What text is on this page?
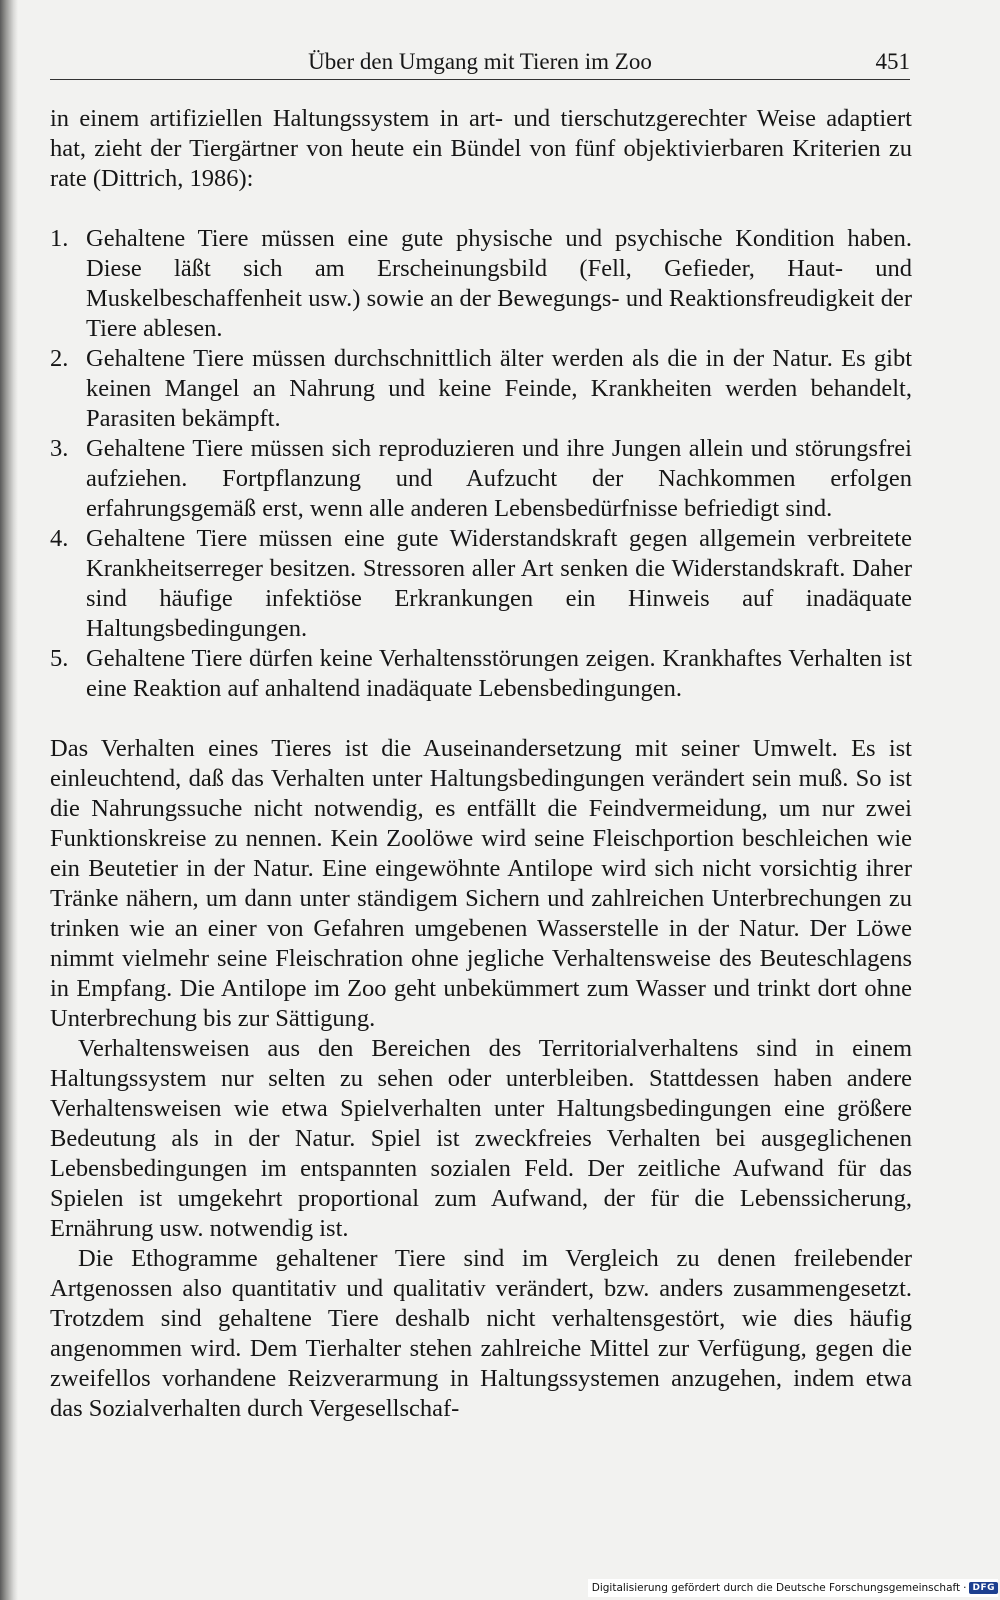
Über den Umgang mit Tieren im Zoo	451

in einem artifiziellen Haltungssystem in art- und tierschutzgerechter Weise adaptiert hat, zieht der Tiergärtner von heute ein Bündel von fünf objektivierbaren Kriterien zu rate (Dittrich, 1986):

1. Gehaltene Tiere müssen eine gute physische und psychische Kondition haben. Diese läßt sich am Erscheinungsbild (Fell, Gefieder, Haut- und Muskelbeschaffenheit usw.) sowie an der Bewegungs- und Reaktionsfreudigkeit der Tiere ablesen.
2. Gehaltene Tiere müssen durchschnittlich älter werden als die in der Natur. Es gibt keinen Mangel an Nahrung und keine Feinde, Krankheiten werden behandelt, Parasiten bekämpft.
3. Gehaltene Tiere müssen sich reproduzieren und ihre Jungen allein und störungsfrei aufziehen. Fortpflanzung und Aufzucht der Nachkommen erfolgen erfahrungsgemäß erst, wenn alle anderen Lebensbedürfnisse befriedigt sind.
4. Gehaltene Tiere müssen eine gute Widerstandskraft gegen allgemein verbreitete Krankheitserreger besitzen. Stressoren aller Art senken die Widerstandskraft. Daher sind häufige infektiöse Erkrankungen ein Hinweis auf inadäquate Haltungsbedingungen.
5. Gehaltene Tiere dürfen keine Verhaltensstörungen zeigen. Krankhaftes Verhalten ist eine Reaktion auf anhaltend inadäquate Lebensbedingungen.

Das Verhalten eines Tieres ist die Auseinandersetzung mit seiner Umwelt. Es ist einleuchtend, daß das Verhalten unter Haltungsbedingungen verändert sein muß. So ist die Nahrungssuche nicht notwendig, es entfällt die Feindvermeidung, um nur zwei Funktionskreise zu nennen. Kein Zoolöwe wird seine Fleischportion beschleichen wie ein Beutetier in der Natur. Eine eingewöhnte Antilope wird sich nicht vorsichtig ihrer Tränke nähern, um dann unter ständigem Sichern und zahlreichen Unterbrechungen zu trinken wie an einer von Gefahren umgebenen Wasserstelle in der Natur. Der Löwe nimmt vielmehr seine Fleischration ohne jegliche Verhaltensweise des Beuteschlagens in Empfang. Die Antilope im Zoo geht unbekümmert zum Wasser und trinkt dort ohne Unterbrechung bis zur Sättigung.

Verhaltensweisen aus den Bereichen des Territorialverhaltens sind in einem Haltungssystem nur selten zu sehen oder unterbleiben. Stattdessen haben andere Verhaltensweisen wie etwa Spielverhalten unter Haltungsbedingungen eine größere Bedeutung als in der Natur. Spiel ist zweckfreies Verhalten bei ausgeglichenen Lebensbedingungen im entspannten sozialen Feld. Der zeitliche Aufwand für das Spielen ist umgekehrt proportional zum Aufwand, der für die Lebenssicherung, Ernährung usw. notwendig ist.

Die Ethogramme gehaltener Tiere sind im Vergleich zu denen freilebender Artgenossen also quantitativ und qualitativ verändert, bzw. anders zusammengesetzt. Trotzdem sind gehaltene Tiere deshalb nicht verhaltensgestört, wie dies häufig angenommen wird. Dem Tierhalter stehen zahlreiche Mittel zur Verfügung, gegen die zweifellos vorhandene Reizverarmung in Haltungssystemen anzugehen, indem etwa das Sozialverhalten durch Vergesellschaf-

Digitalisierung gefördert durch die Deutsche Forschungsgemeinschaft · DFG
